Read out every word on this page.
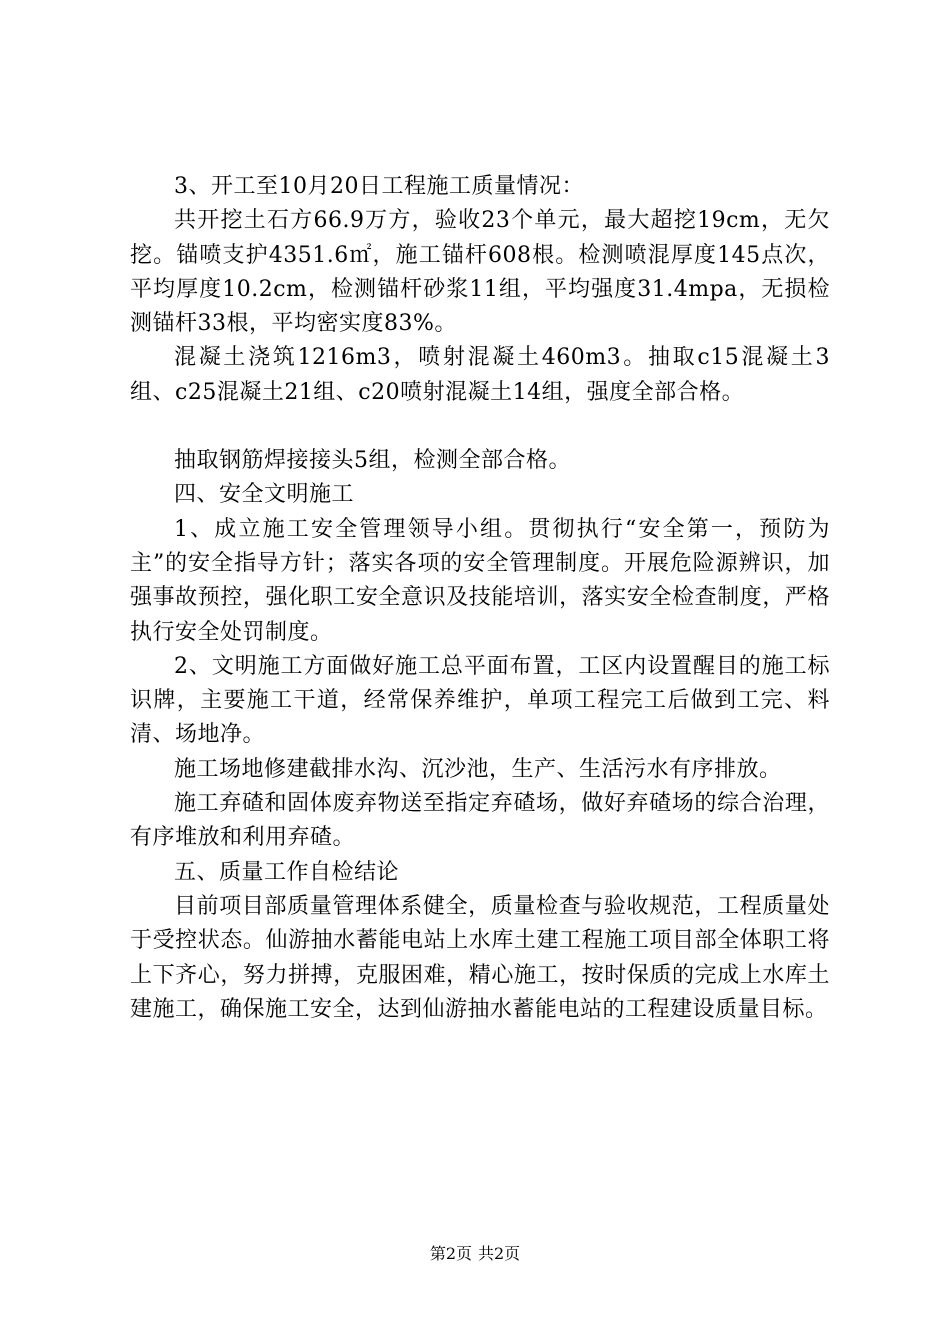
3、开工至10月20日工程施工质量情况：

共开挖土石方66.9万方，验收23个单元，最大超挖19cm，无欠挖。锚喷支护4351.6㎡，施工锚杆608根。检测喷混厚度145点次，平均厚度10.2cm，检测锚杆砂浆11组，平均强度31.4mpa，无损检测锚杆33根，平均密实度83%。

混凝土浇筑1216m3，喷射混凝土460m3。抽取c15混凝土3组、c25混凝土21组、c20喷射混凝土14组，强度全部合格。

抽取钢筋焊接接头5组，检测全部合格。

四、安全文明施工

1、成立施工安全管理领导小组。贯彻执行“安全第一，预防为主”的安全指导方针；落实各项的安全管理制度。开展危险源辨识，加强事故预控，强化职工安全意识及技能培训，落实安全检查制度，严格执行安全处罚制度。

2、文明施工方面做好施工总平面布置，工区内设置醒目的施工标识牌，主要施工干道，经常保养维护，单项工程完工后做到工完、料清、场地净。

施工场地修建截排水沟、沉沙池，生产、生活污水有序排放。

施工弃碴和固体废弃物送至指定弃碴场，做好弃碴场的综合治理，有序堆放和利用弃碴。

五、质量工作自检结论

目前项目部质量管理体系健全，质量检查与验收规范，工程质量处于受控状态。仙游抽水蓄能电站上水库土建工程施工项目部全体职工将上下齐心，努力拼搏，克服困难，精心施工，按时保质的完成上水库土建施工，确保施工安全，达到仙游抽水蓄能电站的工程建设质量目标。

第2页 共2页
